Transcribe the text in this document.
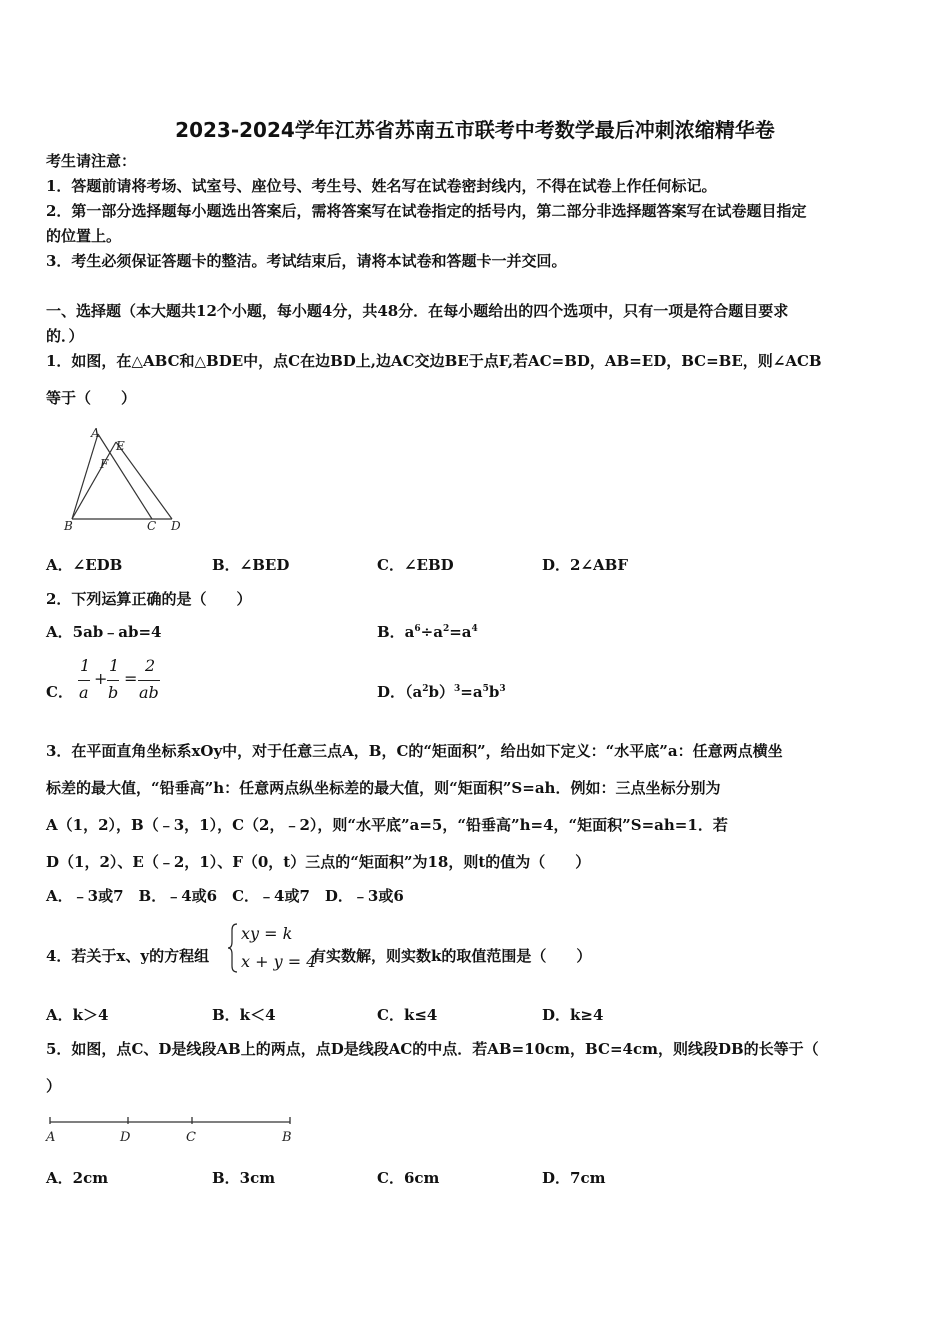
2023-2024学年江苏省苏南五市联考中考数学最后冲刺浓缩精华卷
考生请注意：
1．答题前请将考场、试室号、座位号、考生号、姓名写在试卷密封线内，不得在试卷上作任何标记。
2．第一部分选择题每小题选出答案后，需将答案写在试卷指定的括号内，第二部分非选择题答案写在试卷题目指定
的位置上。
3．考生必须保证答题卡的整洁。考试结束后，请将本试卷和答题卡一并交回。
一、选择题（本大题共12个小题，每小题4分，共48分．在每小题给出的四个选项中，只有一项是符合题目要求
的．）
1．如图，在△ABC和△BDE中，点C在边BD上,边AC交边BE于点F,若AC=BD，AB=ED，BC=BE，则∠ACB
等于（　　）
A
E
F
B	C D
A．∠EDB	B．∠BED	C．∠EBD	D．2∠ABF
2．下列运算正确的是（　　）
A．5ab﹣ab=4	B．$a^6\div a^2=a^4$
C．
1
a
+
1
b
=
2
ab	D．$(a^2b)^3=a^5b^3$
3．在平面直角坐标系xOy中，对于任意三点A，B，C的“矩面积”，给出如下定义：“水平底”a：任意两点横坐
标差的最大值，“铅垂高”h：任意两点纵坐标差的最大值，则“矩面积”S=ah．例如：三点坐标分别为
A（1，2），B（﹣3，1），C（2，﹣2），则“水平底”a=5，“铅垂高”h=4，“矩面积”S=ah=1．若
D（1，2）、E（﹣2，1）、F（0，t）三点的“矩面积”为18，则t的值为（　　）
A．﹣3或7　B．﹣4或6　C．﹣4或7　D．﹣3或6
4．若关于x、y的方程组
xy = k
x + y = 4
有实数解，则实数k的取值范围是（　　）
A．k＞4	B．k＜4	C．k≤4	D．k≥4
5．如图，点C、D是线段AB上的两点，点D是线段AC的中点．若AB=10cm，BC=4cm，则线段DB的长等于（
）
A	D	C	B
A．2cm	B．3cm	C．6cm	D．7cm
